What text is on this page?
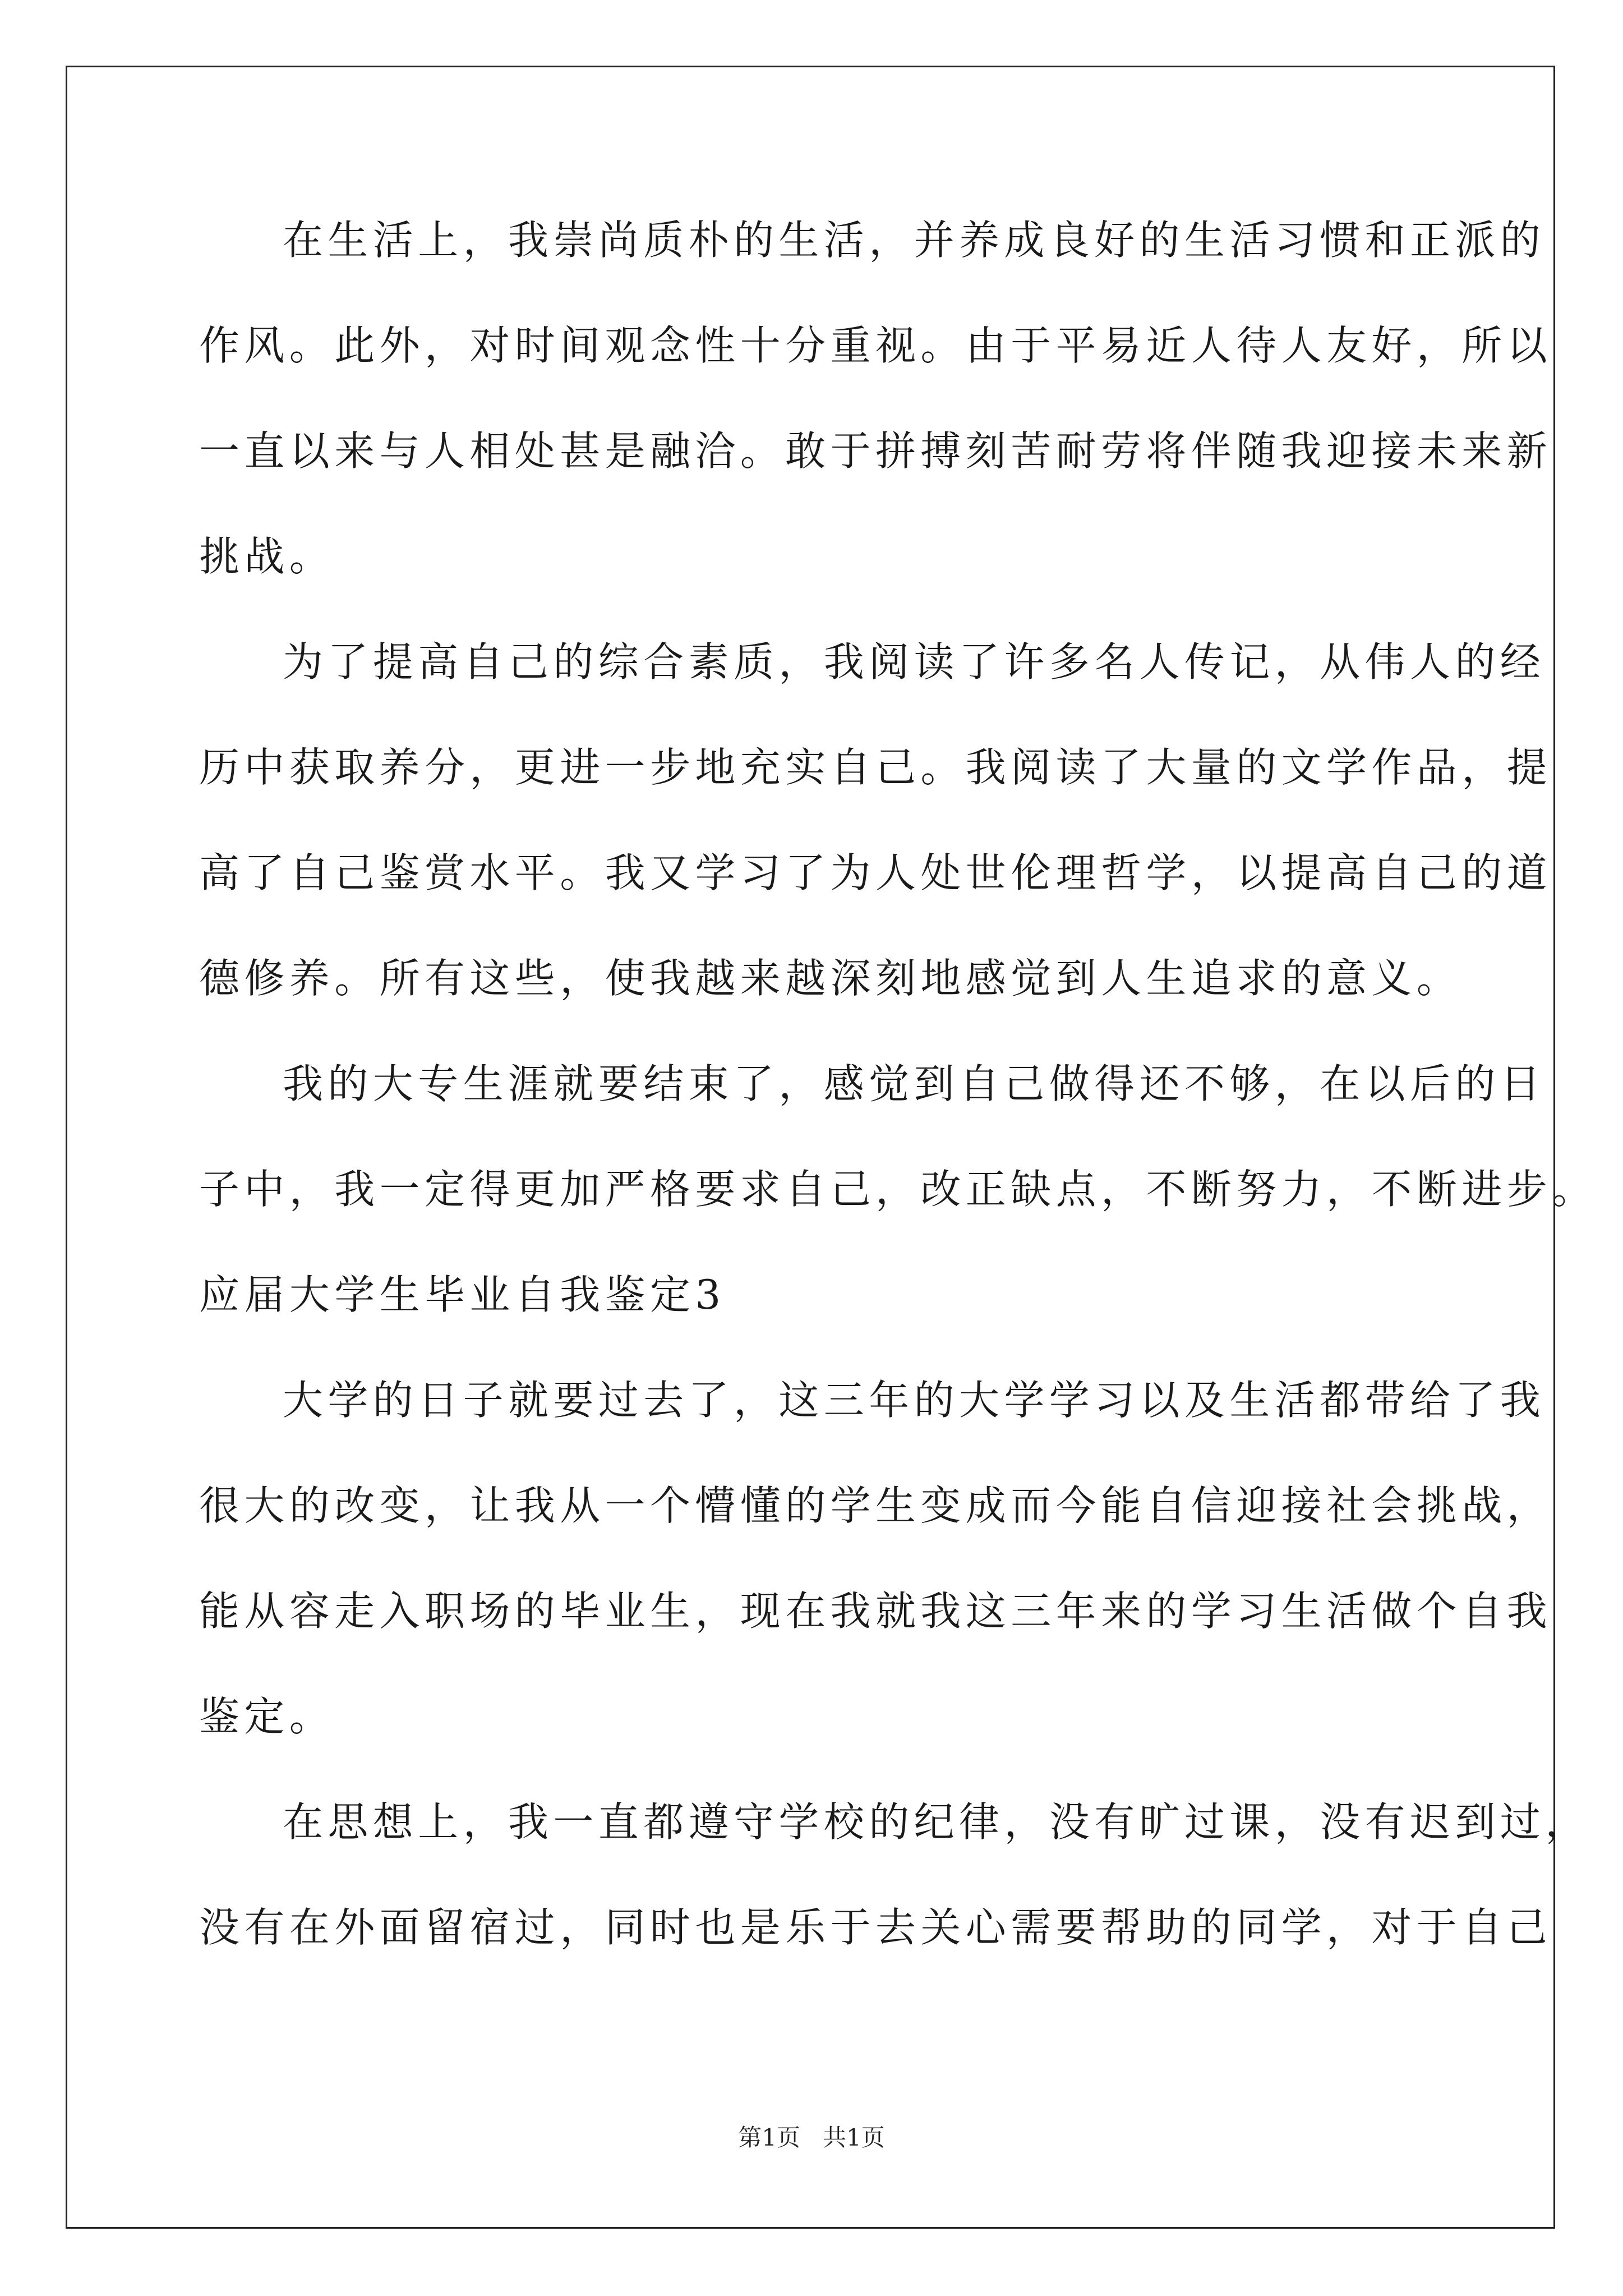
在生活上，我崇尚质朴的生活，并养成良好的生活习惯和正派的
作风。此外，对时间观念性十分重视。由于平易近人待人友好，所以
一直以来与人相处甚是融洽。敢于拼搏刻苦耐劳将伴随我迎接未来新
挑战。
为了提高自己的综合素质，我阅读了许多名人传记，从伟人的经
历中获取养分，更进一步地充实自己。我阅读了大量的文学作品，提
高了自己鉴赏水平。我又学习了为人处世伦理哲学，以提高自己的道
德修养。所有这些，使我越来越深刻地感觉到人生追求的意义。
我的大专生涯就要结束了，感觉到自己做得还不够，在以后的日
子中，我一定得更加严格要求自己，改正缺点，不断努力，不断进步。
应届大学生毕业自我鉴定3
大学的日子就要过去了，这三年的大学学习以及生活都带给了我
很大的改变，让我从一个懵懂的学生变成而今能自信迎接社会挑战，
能从容走入职场的毕业生，现在我就我这三年来的学习生活做个自我
鉴定。
在思想上，我一直都遵守学校的纪律，没有旷过课，没有迟到过，
没有在外面留宿过，同时也是乐于去关心需要帮助的同学，对于自己
第1页 共1页
